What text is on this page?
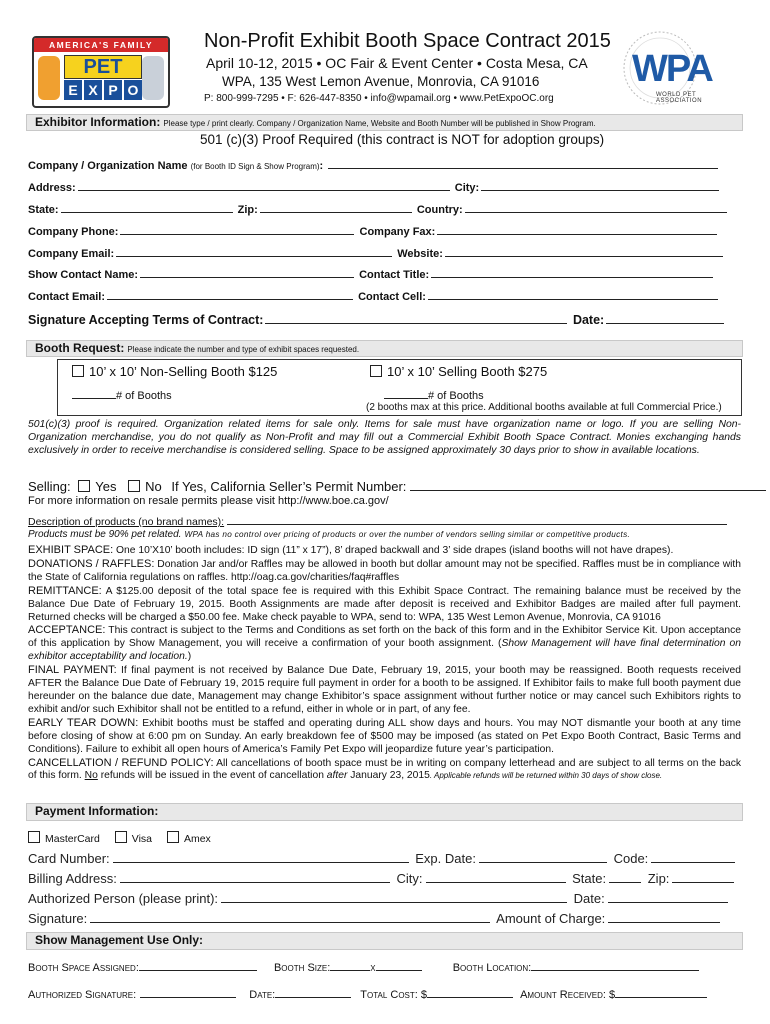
AMERICA'S FAMILY
PET
E X P O
Non-Profit Exhibit Booth Space Contract 2015
April 10-12, 2015 • OC Fair & Event Center • Costa Mesa, CA
WPA, 135 West Lemon Avenue, Monrovia, CA 91016
P: 800-999-7295 • F: 626-447-8350 • info@wpamail.org • www.PetExpoOC.org
WPA
WORLD PET ASSOCIATION
Exhibitor Information: Please type / print clearly. Company / Organization Name, Website and Booth Number will be published in Show Program.
501 (c)(3) Proof Required (this contract is NOT for adoption groups)
Company / Organization Name (for Booth ID Sign & Show Program):
Address:	City:
State:	Zip:	Country:
Company Phone:	Company Fax:
Company Email:	Website:
Show Contact Name:	Contact Title:
Contact Email:	Contact Cell:
Signature Accepting Terms of Contract:	Date:
Booth Request: Please indicate the number and type of exhibit spaces requested.
10’ x 10’ Non-Selling Booth $125	10’ x 10’ Selling Booth $275
# of Booths	# of Booths
(2 booths max at this price. Additional booths available at full Commercial Price.)
501(c)(3) proof is required. Organization related items for sale only. Items for sale must have organization name or logo. If you are selling Non-Organization merchandise, you do not qualify as Non-Profit and may fill out a Commercial Exhibit Booth Space Contract. Monies exchanging hands exclusively in order to receive merchandise is considered selling. Space to be assigned approximately 30 days prior to show in available locations.
Selling: Yes No If Yes, California Seller’s Permit Number:
For more information on resale permits please visit http://www.boe.ca.gov/
Description of products (no brand names):
Products must be 90% pet related. WPA has no control over pricing of products or over the number of vendors selling similar or competitive products.
EXHIBIT SPACE: One 10’X10’ booth includes: ID sign (11” x 17”), 8’ draped backwall and 3’ side drapes (island booths will not have drapes).
DONATIONS / RAFFLES: Donation Jar and/or Raffles may be allowed in booth but dollar amount may not be specified. Raffles must be in compliance with the State of California regulations on raffles. http://oag.ca.gov/charities/faq#raffles
REMITTANCE: A $125.00 deposit of the total space fee is required with this Exhibit Space Contract. The remaining balance must be received by the Balance Due Date of February 19, 2015. Booth Assignments are made after deposit is received and Exhibitor Badges are mailed after full payment. Returned checks will be charged a $50.00 fee. Make check payable to WPA, send to: WPA, 135 West Lemon Avenue, Monrovia, CA 91016
ACCEPTANCE: This contract is subject to the Terms and Conditions as set forth on the back of this form and in the Exhibitor Service Kit. Upon acceptance of this application by Show Management, you will receive a confirmation of your booth assignment. (Show Management will have final determination on exhibitor acceptability and location.)
FINAL PAYMENT: If final payment is not received by Balance Due Date, February 19, 2015, your booth may be reassigned. Booth requests received AFTER the Balance Due Date of February 19, 2015 require full payment in order for a booth to be assigned. If Exhibitor fails to make full booth payment due hereunder on the balance due date, Management may change Exhibitor’s space assignment without further notice or may cancel such Exhibitors rights to exhibit and/or such Exhibitor shall not be entitled to a refund, either in whole or in part, of any fee.
EARLY TEAR DOWN: Exhibit booths must be staffed and operating during ALL show days and hours. You may NOT dismantle your booth at any time before closing of show at 6:00 pm on Sunday. An early breakdown fee of $500 may be imposed (as stated on Pet Expo Booth Contract, Basic Terms and Conditions). Failure to exhibit all open hours of America’s Family Pet Expo will jeopardize future year’s participation.
CANCELLATION / REFUND POLICY: All cancellations of booth space must be in writing on company letterhead and are subject to all terms on the back of this form. No refunds will be issued in the event of cancellation after January 23, 2015. Applicable refunds will be returned within 30 days of show close.
Payment Information:
MasterCard	Visa	Amex
Card Number:	Exp. Date:	Code:
Billing Address:	City:	State:	Zip:
Authorized Person (please print):	Date:
Signature:	Amount of Charge:
Show Management Use Only:
Booth Space Assigned:	Booth Size:	x	Booth Location:
Authorized Signature:	Date:	Total Cost: $	Amount Received: $
